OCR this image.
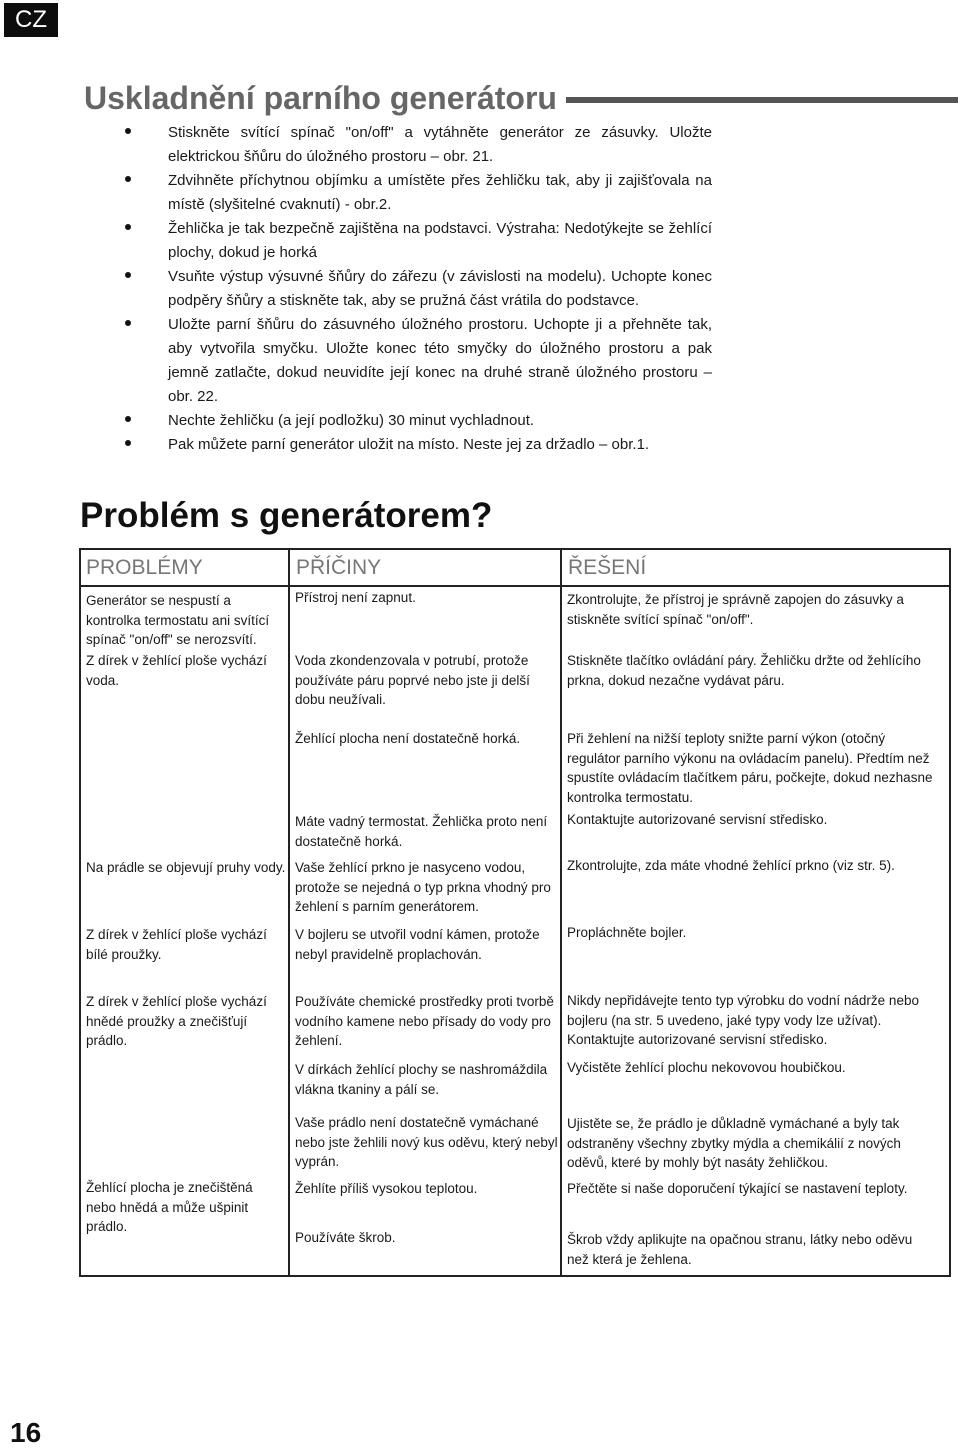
CZ
Uskladnění parního generátoru
Stiskněte svítící spínač "on/off" a vytáhněte generátor ze zásuvky. Uložte elektrickou šňůru do úložného prostoru – obr. 21.
Zdvihněte příchytnou objímku a umístěte přes žehličku tak, aby ji zajišťovala na místě (slyšitelné cvaknutí) - obr.2.
Žehlička je tak bezpečně zajištěna na podstavci. Výstraha: Nedotýkejte se žehlící plochy, dokud je horká
Vsuňte výstup výsuvné šňůry do zářezu (v závislosti na modelu). Uchopte konec podpěry šňůry a stiskněte tak, aby se pružná část vrátila do podstavce.
Uložte parní šňůru do zásuvného úložného prostoru. Uchopte ji a přehněte tak, aby vytvořila smyčku. Uložte konec této smyčky do úložného prostoru a pak jemně zatlačte, dokud neuvidíte její konec na druhé straně úložného prostoru – obr. 22.
Nechte žehličku (a její podložku) 30 minut vychladnout.
Pak můžete parní generátor uložit na místo. Neste jej za držadlo – obr.1.
Problém s generátorem?
PROBLÉMY	PŘÍČINY	ŘEŠENÍ
Generátor se nespustí a kontrolka termostatu ani svítící spínač "on/off" se nerozsvítí.
Z dírek v žehlící ploše vychází voda.
Na prádle se objevují pruhy vody.
Z dírek v žehlící ploše vychází bílé proužky.
Z dírek v žehlící ploše vychází hnědé proužky a znečišťují prádlo.
Žehlící plocha je znečištěná nebo hnědá a může ušpinit prádlo.
Přístroj není zapnut.
Voda zkondenzovala v potrubí, protože používáte páru poprvé nebo jste ji delší dobu neužívali.
Žehlící plocha není dostatečně horká.
Máte vadný termostat. Žehlička proto není dostatečně horká.
Vaše žehlící prkno je nasyceno vodou, protože se nejedná o typ prkna vhodný pro žehlení s parním generátorem.
V bojleru se utvořil vodní kámen, protože nebyl pravidelně proplachován.
Používáte chemické prostředky proti tvorbě vodního kamene nebo přísady do vody pro žehlení.
V dírkách žehlící plochy se nashromáždila vlákna tkaniny a pálí se.
Vaše prádlo není dostatečně vymáchané nebo jste žehlili nový kus oděvu, který nebyl vyprán.
Žehlíte příliš vysokou teplotou.
Používáte škrob.
Zkontrolujte, že přístroj je správně zapojen do zásuvky a stiskněte svítící spínač "on/off".
Stiskněte tlačítko ovládání páry. Žehličku držte od žehlícího prkna, dokud nezačne vydávat páru.
Při žehlení na nižší teploty snižte parní výkon (otočný regulátor parního výkonu na ovládacím panelu). Předtím než spustíte ovládacím tlačítkem páru, počkejte, dokud nezhasne kontrolka termostatu.
Kontaktujte autorizované servisní středisko.
Zkontrolujte, zda máte vhodné žehlící prkno (viz str. 5).
Propláchněte bojler.
Nikdy nepřidávejte tento typ výrobku do vodní nádrže nebo bojleru (na str. 5 uvedeno, jaké typy vody lze užívat). Kontaktujte autorizované servisní středisko.
Vyčistěte žehlící plochu nekovovou houbičkou.
Ujistěte se, že prádlo je důkladně vymáchané a byly tak odstraněny všechny zbytky mýdla a chemikálií z nových oděvů, které by mohly být nasáty žehličkou.
Přečtěte si naše doporučení týkající se nastavení teploty.
Škrob vždy aplikujte na opačnou stranu, látky nebo oděvu než která je žehlena.
16
